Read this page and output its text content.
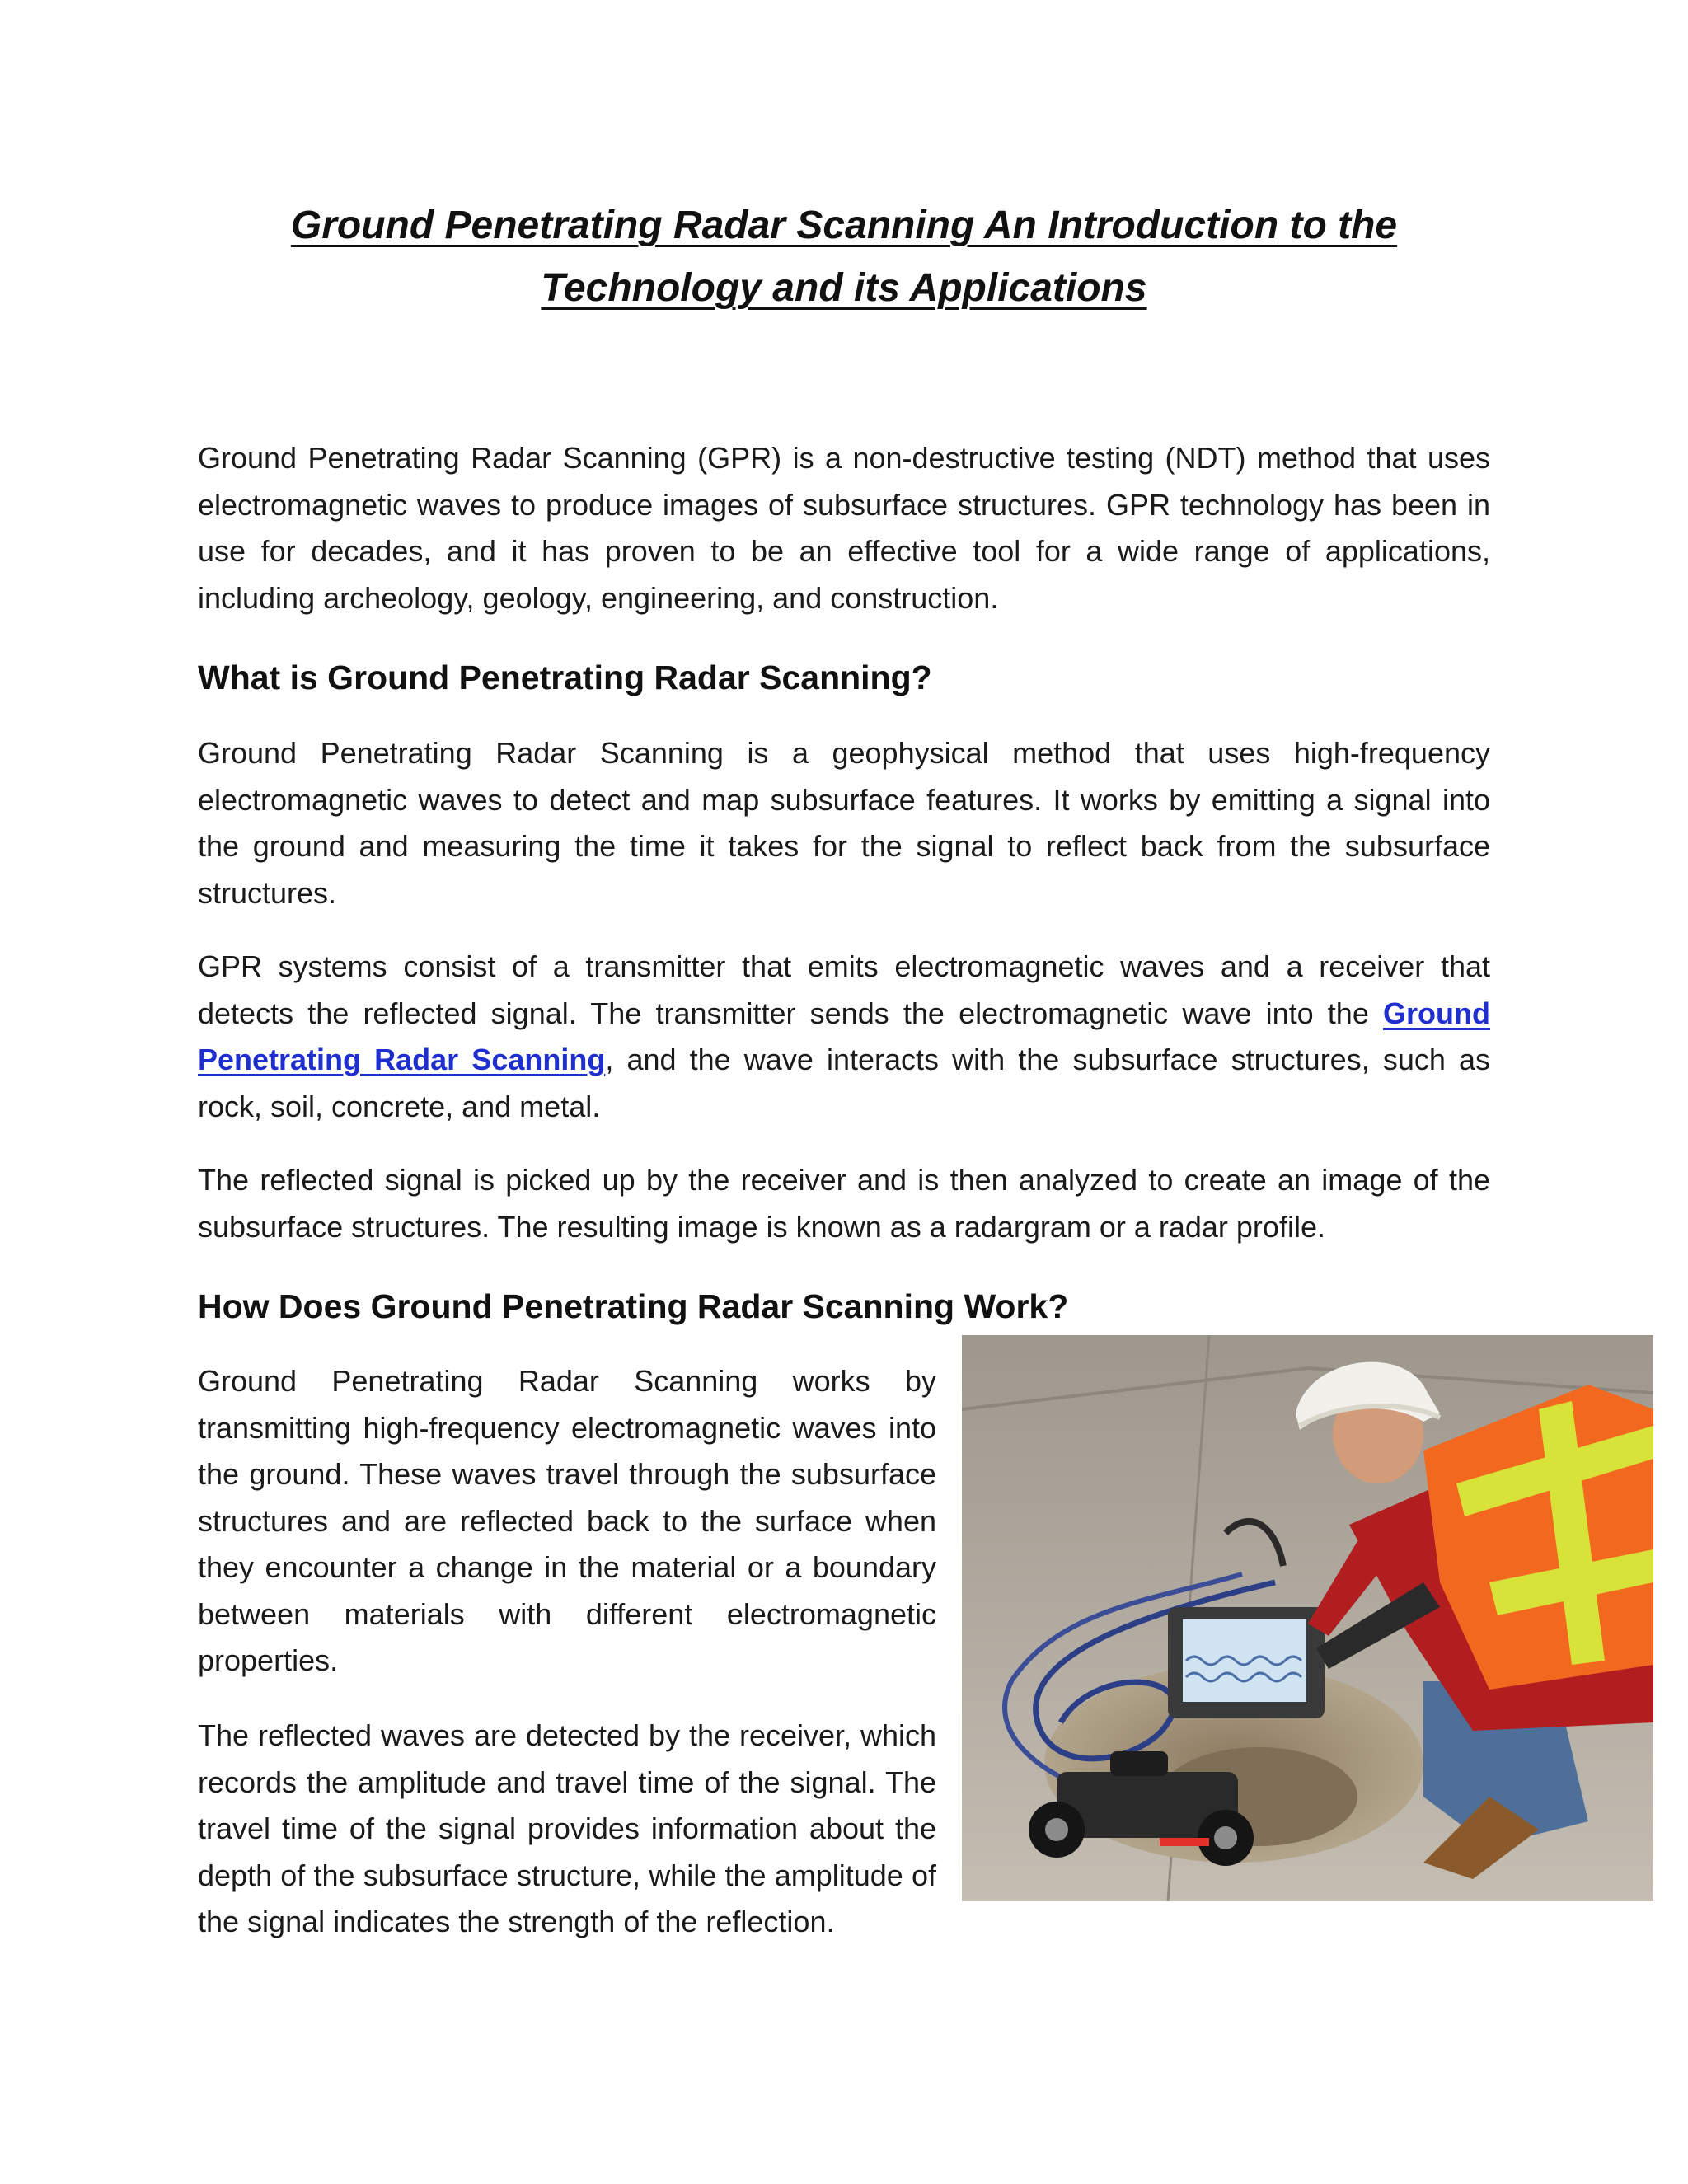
Ground Penetrating Radar Scanning An Introduction to the Technology and its Applications

Ground Penetrating Radar Scanning (GPR) is a non-destructive testing (NDT) method that uses electromagnetic waves to produce images of subsurface structures. GPR technology has been in use for decades, and it has proven to be an effective tool for a wide range of applications, including archeology, geology, engineering, and construction.

What is Ground Penetrating Radar Scanning?

Ground Penetrating Radar Scanning is a geophysical method that uses high-frequency electromagnetic waves to detect and map subsurface features. It works by emitting a signal into the ground and measuring the time it takes for the signal to reflect back from the subsurface structures.

GPR systems consist of a transmitter that emits electromagnetic waves and a receiver that detects the reflected signal. The transmitter sends the electromagnetic wave into the Ground Penetrating Radar Scanning, and the wave interacts with the subsurface structures, such as rock, soil, concrete, and metal.

The reflected signal is picked up by the receiver and is then analyzed to create an image of the subsurface structures. The resulting image is known as a radargram or a radar profile.

How Does Ground Penetrating Radar Scanning Work?

Ground Penetrating Radar Scanning works by transmitting high-frequency electromagnetic waves into the ground. These waves travel through the subsurface structures and are reflected back to the surface when they encounter a change in the material or a boundary between materials with different electromagnetic properties.

The reflected waves are detected by the receiver, which records the amplitude and travel time of the signal. The travel time of the signal provides information about the depth of the subsurface structure, while the amplitude of the signal indicates the strength of the reflection.
